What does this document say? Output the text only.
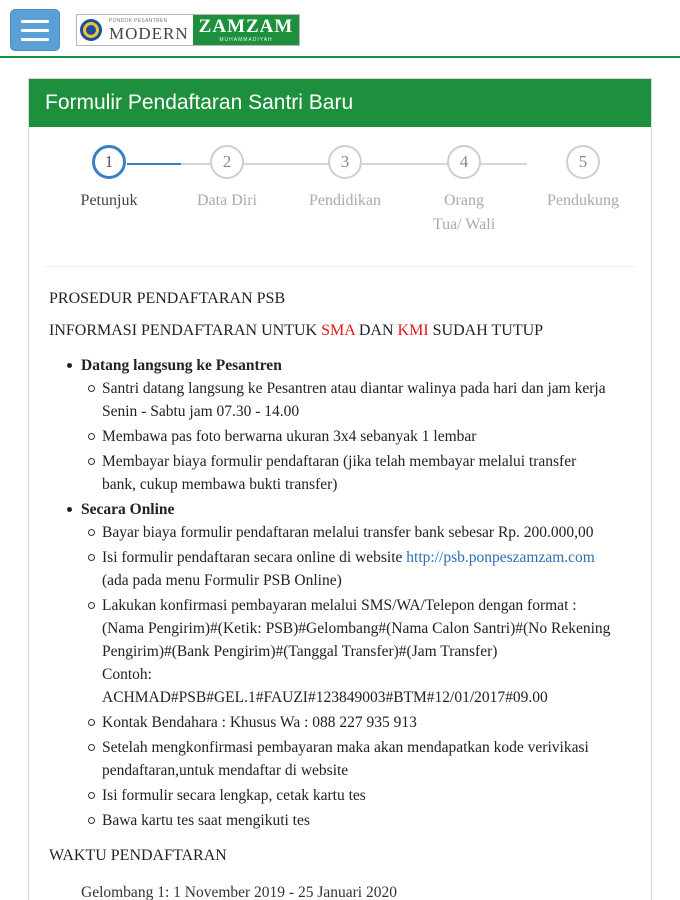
PONDOK PESANTREN
MODERN ZAMZAM
MUHAMMADIYAH
Formulir Pendaftaran Santri Baru
1
Petunjuk
2
Data Diri
3
Pendidikan
4
Orang Tua/ Wali
5
Pendukung
PROSEDUR PENDAFTARAN PSB
INFORMASI PENDAFTARAN UNTUK SMA DAN KMI SUDAH TUTUP
Datang langsung ke Pesantren
Santri datang langsung ke Pesantren atau diantar walinya pada hari dan jam kerja Senin - Sabtu jam 07.30 - 14.00
Membawa pas foto berwarna ukuran 3x4 sebanyak 1 lembar
Membayar biaya formulir pendaftaran (jika telah membayar melalui transfer bank, cukup membawa bukti transfer)
Secara Online
Bayar biaya formulir pendaftaran melalui transfer bank sebesar Rp. 200.000,00
Isi formulir pendaftaran secara online di website http://psb.ponpeszamzam.com (ada pada menu Formulir PSB Online)
Lakukan konfirmasi pembayaran melalui SMS/WA/Telepon dengan format : (Nama Pengirim)#(Ketik: PSB)#Gelombang#(Nama Calon Santri)#(No Rekening Pengirim)#(Bank Pengirim)#(Tanggal Transfer)#(Jam Transfer)
Contoh:
ACHMAD#PSB#GEL.1#FAUZI#123849003#BTM#12/01/2017#09.00
Kontak Bendahara : Khusus Wa : 088 227 935 913
Setelah mengkonfirmasi pembayaran maka akan mendapatkan kode verivikasi pendaftaran,untuk mendaftar di website
Isi formulir secara lengkap, cetak kartu tes
Bawa kartu tes saat mengikuti tes
WAKTU PENDAFTARAN
Gelombang 1: 1 November 2019 - 25 Januari 2020
